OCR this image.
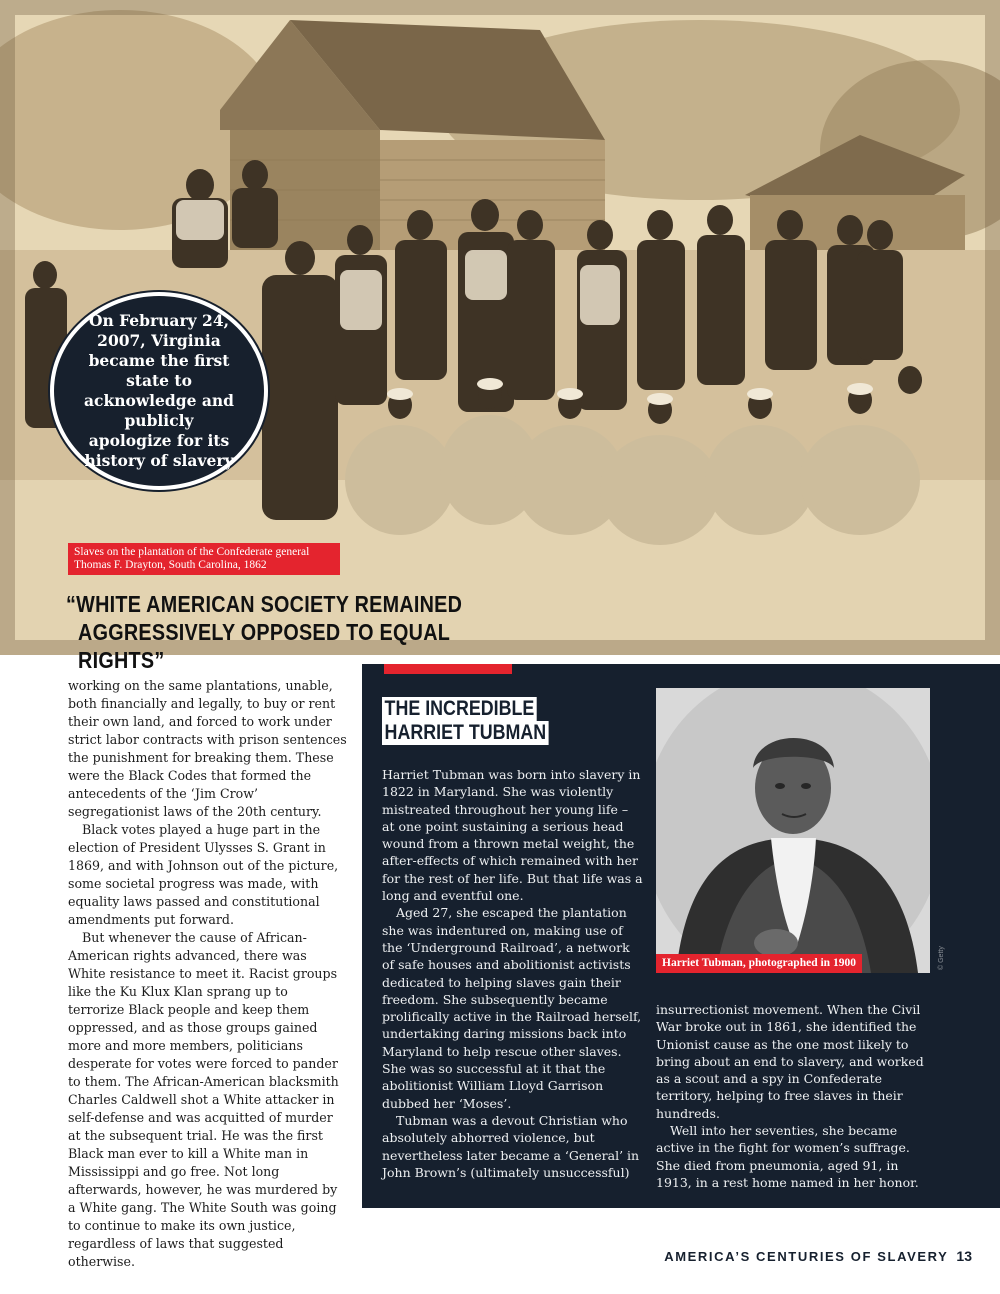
On February 24, 2007, Virginia became the first state to acknowledge and publicly apologize for its history of slavery
Slaves on the plantation of the Confederate general Thomas F. Drayton, South Carolina, 1862
“WHITE AMERICAN SOCIETY REMAINED
AGGRESSIVELY OPPOSED TO EQUAL RIGHTS”

working on the same plantations, unable, both financially and legally, to buy or rent their own land, and forced to work under strict labor contracts with prison sentences the punishment for breaking them. These were the Black Codes that formed the antecedents of the ‘Jim Crow’ segregationist laws of the 20th century.

Black votes played a huge part in the election of President Ulysses S. Grant in 1869, and with Johnson out of the picture, some societal progress was made, with equality laws passed and constitutional amendments put forward.

But whenever the cause of African-American rights advanced, there was White resistance to meet it. Racist groups like the Ku Klux Klan sprang up to terrorize Black people and keep them oppressed, and as those groups gained more and more members, politicians desperate for votes were forced to pander to them. The African-American blacksmith Charles Caldwell shot a White attacker in self-defense and was acquitted of murder at the subsequent trial. He was the first Black man ever to kill a White man in Mississippi and go free. Not long afterwards, however, he was murdered by a White gang. The White South was going to continue to make its own justice, regardless of laws that suggested otherwise.

THE INCREDIBLE
HARRIET TUBMAN

Harriet Tubman was born into slavery in 1822 in Maryland. She was violently mistreated throughout her young life – at one point sustaining a serious head wound from a thrown metal weight, the after-effects of which remained with her for the rest of her life. But that life was a long and eventful one.

Aged 27, she escaped the plantation she was indentured on, making use of the ‘Underground Railroad’, a network of safe houses and abolitionist activists dedicated to helping slaves gain their freedom. She subsequently became prolifically active in the Railroad herself, undertaking daring missions back into Maryland to help rescue other slaves. She was so successful at it that the abolitionist William Lloyd Garrison dubbed her ‘Moses’.

Tubman was a devout Christian who absolutely abhorred violence, but nevertheless later became a ‘General’ in John Brown’s (ultimately unsuccessful)

Harriet Tubman, photographed in 1900	© Getty

insurrectionist movement. When the Civil War broke out in 1861, she identified the Unionist cause as the one most likely to bring about an end to slavery, and worked as a scout and a spy in Confederate territory, helping to free slaves in their hundreds.

Well into her seventies, she became active in the fight for women’s suffrage. She died from pneumonia, aged 91, in 1913, in a rest home named in her honor.

AMERICA’S CENTURIES OF SLAVERY 13
